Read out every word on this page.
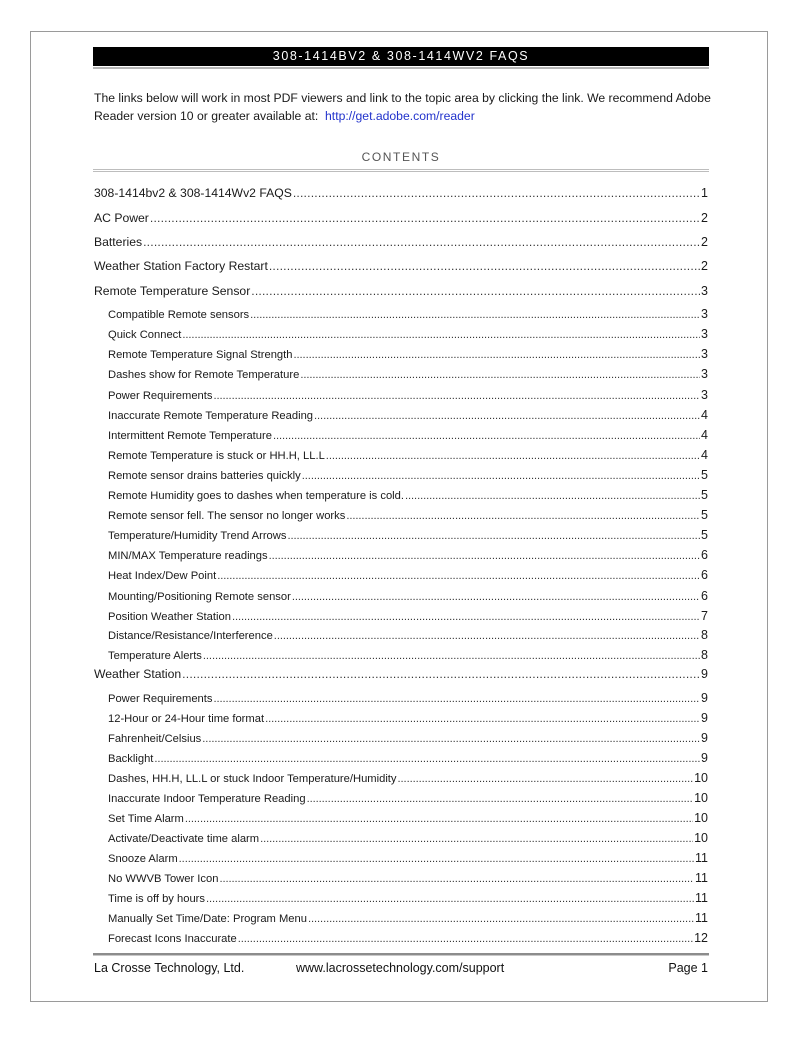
308-1414BV2 & 308-1414WV2 FAQS
The links below will work in most PDF viewers and link to the topic area by clicking the link. We recommend Adobe Reader version 10 or greater available at: http://get.adobe.com/reader
CONTENTS
308-1414bv2 & 308-1414Wv2 FAQS . . .	1
AC Power . . .	2
Batteries . . .	2
Weather Station Factory Restart . . .	2
Remote Temperature Sensor . . .	3
Compatible Remote sensors . . .	3
Quick Connect . . .	3
Remote Temperature Signal Strength . . .	3
Dashes show for Remote Temperature . . .	3
Power Requirements . . .	3
Inaccurate Remote Temperature Reading . . .	4
Intermittent Remote Temperature . . .	4
Remote Temperature is stuck or HH.H, LL.L . . .	4
Remote sensor drains batteries quickly . . .	5
Remote Humidity goes to dashes when temperature is cold. . . .	5
Remote sensor fell. The sensor no longer works . . .	5
Temperature/Humidity Trend Arrows . . .	5
MIN/MAX Temperature readings . . .	6
Heat Index/Dew Point . . .	6
Mounting/Positioning Remote sensor . . .	6
Position Weather Station . . .	7
Distance/Resistance/Interference . . .	8
Temperature Alerts . . .	8
Weather Station . . .	9
Power Requirements . . .	9
12-Hour or 24-Hour time format . . .	9
Fahrenheit/Celsius . . .	9
Backlight . . .	9
Dashes, HH.H, LL.L or stuck Indoor Temperature/Humidity . . .	10
Inaccurate Indoor Temperature Reading . . .	10
Set Time Alarm . . .	10
Activate/Deactivate time alarm . . .	10
Snooze Alarm . . .	11
No WWVB Tower Icon . . .	11
Time is off by hours . . .	11
Manually Set Time/Date: Program Menu . . .	11
Forecast Icons Inaccurate . . .	12
La Crosse Technology, Ltd.	www.lacrossetechnology.com/support	Page 1
